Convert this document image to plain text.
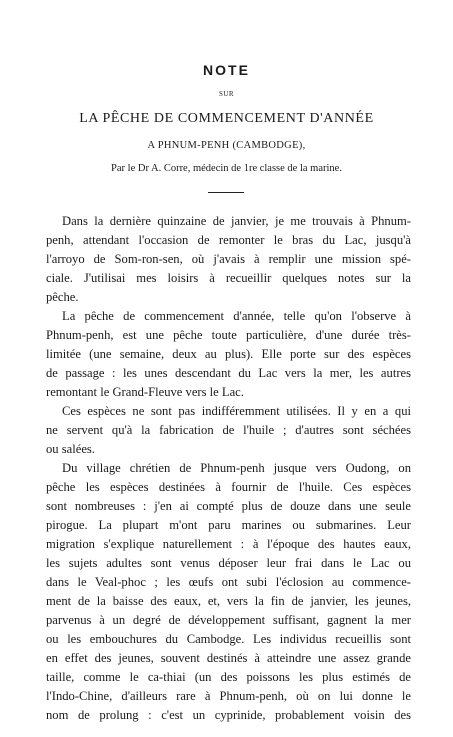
NOTE
SUR
LA PÊCHE DE COMMENCEMENT D'ANNÉE
A PHNUM-PENH (CAMBODGE),
Par le Dr A. Corre, médecin de 1re classe de la marine.
Dans la dernière quinzaine de janvier, je me trouvais à Phnum-
penh, attendant l'occasion de remonter le bras du Lac, jusqu'à
l'arroyo de Som-ron-sen, où j'avais à remplir une mission spé-
ciale. J'utilisai mes loisirs à recueillir quelques notes sur la
pêche.
La pêche de commencement d'année, telle qu'on l'observe à
Phnum-penh, est une pêche toute particulière, d'une durée très-
limitée (une semaine, deux au plus). Elle porte sur des espèces
de passage : les unes descendant du Lac vers la mer, les autres
remontant le Grand-Fleuve vers le Lac.
Ces espèces ne sont pas indifféremment utilisées. Il y en a qui
ne servent qu'à la fabrication de l'huile ; d'autres sont séchées
ou salées.
Du village chrétien de Phnum-penh jusque vers Oudong, on
pêche les espèces destinées à fournir de l'huile. Ces espèces
sont nombreuses : j'en ai compté plus de douze dans une seule
pirogue. La plupart m'ont paru marines ou submarines. Leur
migration s'explique naturellement : à l'époque des hautes eaux,
les sujets adultes sont venus déposer leur frai dans le Lac ou
dans le Veal-phoc ; les œufs ont subi l'éclosion au commence-
ment de la baisse des eaux, et, vers la fin de janvier, les jeunes,
parvenus à un degré de développement suffisant, gagnent la mer
ou les embouchures du Cambodge. Les individus recueillis sont
en effet des jeunes, souvent destinés à atteindre une assez grande
taille, comme le ca-thiai (un des poissons les plus estimés de
l'Indo-Chine, d'ailleurs rare à Phnum-penh, où on lui donne le
nom de prolung : c'est un cyprinide, probablement voisin des
